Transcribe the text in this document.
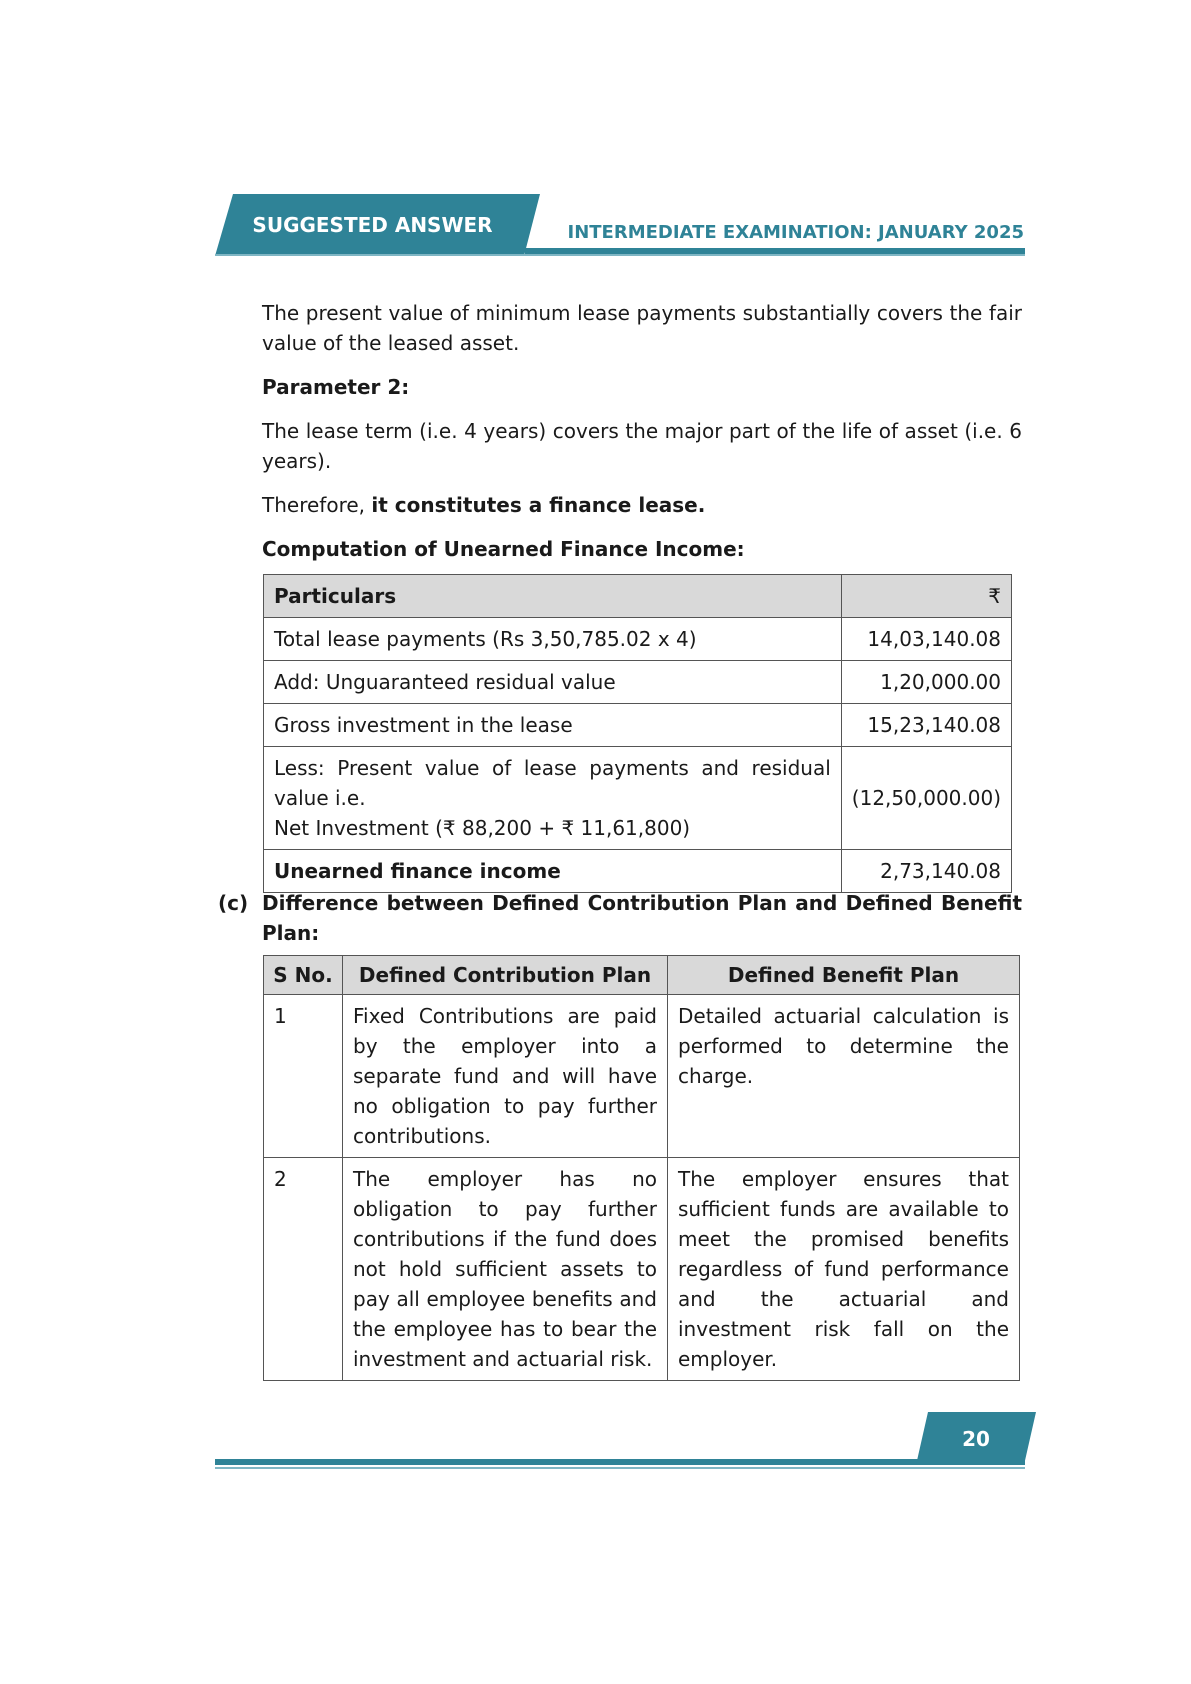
SUGGESTED ANSWER	INTERMEDIATE EXAMINATION: JANUARY 2025

The present value of minimum lease payments substantially covers the fair value of the leased asset.

Parameter 2:

The lease term (i.e. 4 years) covers the major part of the life of asset (i.e. 6 years).

Therefore, it constitutes a finance lease.

Computation of Unearned Finance Income:

Particulars	₹
Total lease payments (Rs 3,50,785.02 x 4)	14,03,140.08
Add: Unguaranteed residual value	1,20,000.00
Gross investment in the lease	15,23,140.08

Less: Present value of lease payments and residual value i.e.
Net Investment (₹ 88,200 + ₹ 11,61,800)	(12,50,000.00)
Unearned finance income	2,73,140.08
(c) Difference between Defined Contribution Plan and Defined Benefit Plan:
S No.	Defined Contribution Plan	Defined Benefit Plan
1	Fixed Contributions are paid by the employer into a separate fund and will have no obligation to pay further contributions.	Detailed actuarial calculation is performed to determine the charge.
2	The employer has no obligation to pay further contributions if the fund does not hold sufficient assets to pay all employee benefits and the employee has to bear the investment and actuarial risk.	The employer ensures that sufficient funds are available to meet the promised benefits regardless of fund performance and the actuarial and investment risk fall on the employer.
20
